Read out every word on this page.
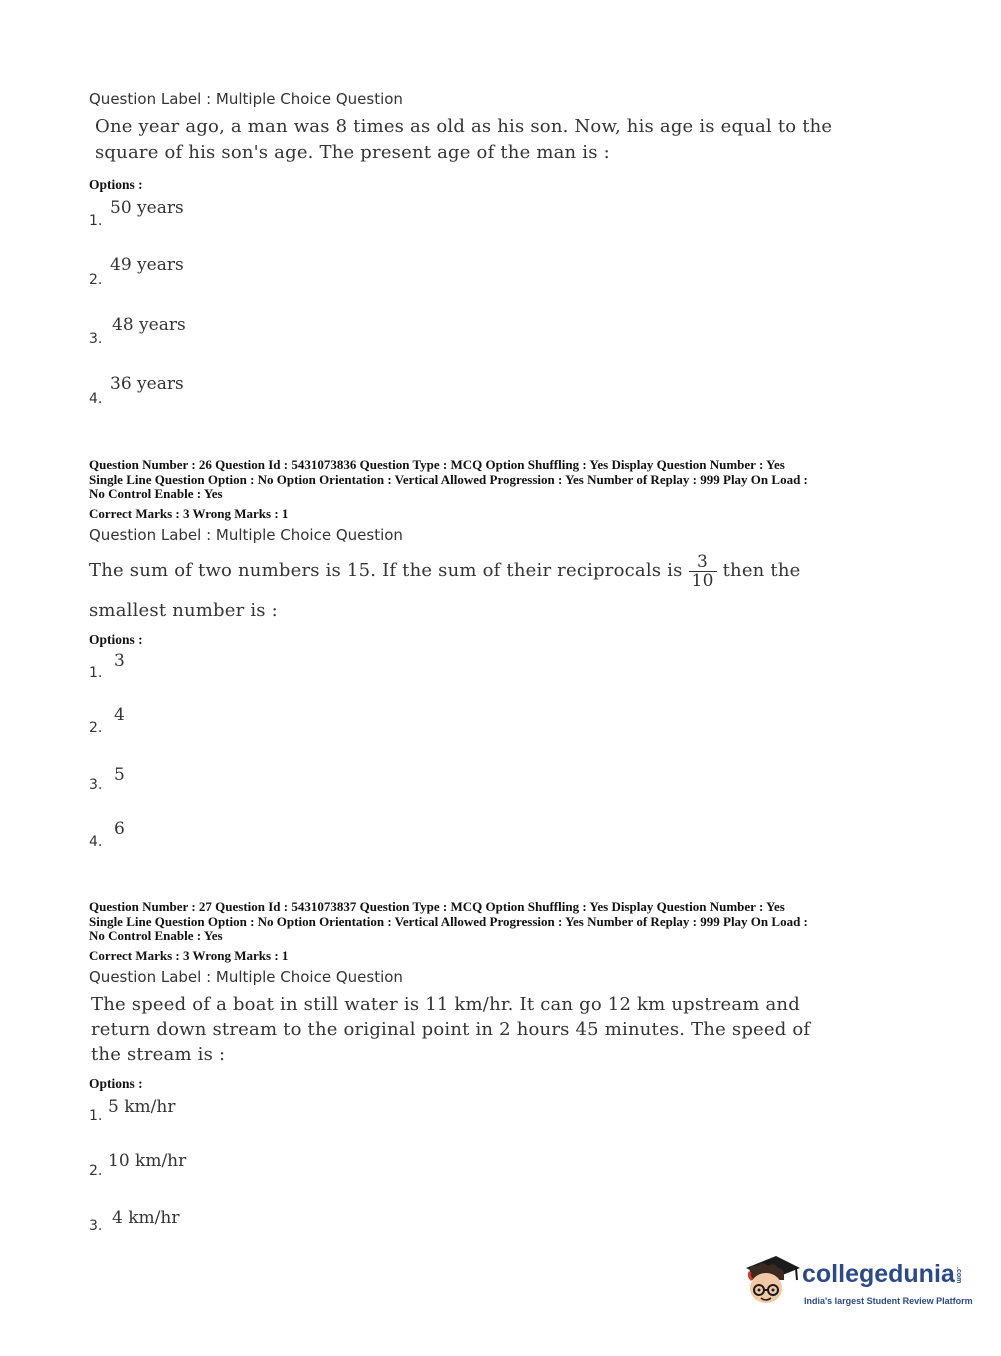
Question Label : Multiple Choice Question
One year ago, a man was 8 times as old as his son. Now, his age is equal to the
square of his son's age. The present age of the man is :
Options :
1.
50 years
2.
49 years
3.
48 years
4.
36 years
Question Number : 26 Question Id : 5431073836 Question Type : MCQ Option Shuffling : Yes Display Question Number : Yes
Single Line Question Option : No Option Orientation : Vertical Allowed Progression : Yes Number of Replay : 999 Play On Load :
No Control Enable : Yes
Correct Marks : 3 Wrong Marks : 1
Question Label : Multiple Choice Question
The sum of two numbers is 15. If the sum of their reciprocals is $\frac{3}{10}$ then the
smallest number is :
Options :
1.
3
2.
4
3. 5
4.
6
Question Number : 27 Question Id : 5431073837 Question Type : MCQ Option Shuffling : Yes Display Question Number : Yes
Single Line Question Option : No Option Orientation : Vertical Allowed Progression : Yes Number of Replay : 999 Play On Load :
No Control Enable : Yes
Correct Marks : 3 Wrong Marks : 1
Question Label : Multiple Choice Question
The speed of a boat in still water is 11 km/hr. It can go 12 km upstream and
return down stream to the original point in 2 hours 45 minutes. The speed of
the stream is :
Options :
1. 5 km/hr
2. 10 km/hr
3. 4 km/hr
collegedunia.com
India's largest Student Review Platform
